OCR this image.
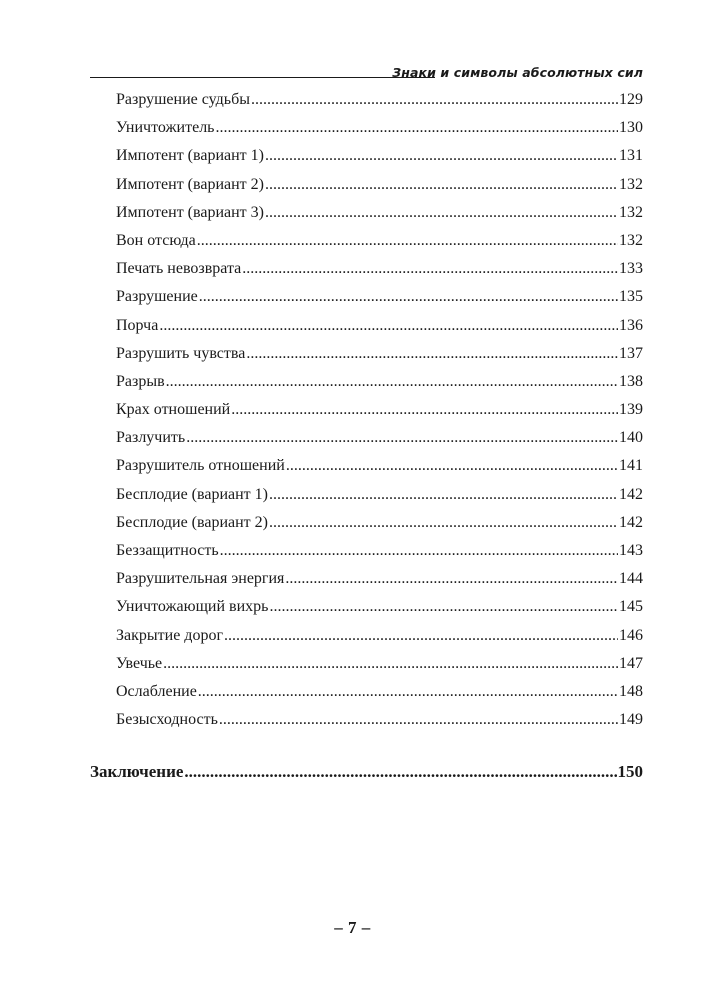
Знаки и символы абсолютных сил
Разрушение судьбы .....	129
Уничтожитель .....	130
Импотент (вариант 1) .....	131
Импотент (вариант 2) .....	132
Импотент (вариант 3) .....	132
Вон отсюда .....	132
Печать невозврата .....	133
Разрушение .....	135
Порча .....	136
Разрушить чувства .....	137
Разрыв .....	138
Крах отношений .....	139
Разлучить .....	140
Разрушитель отношений .....	141
Бесплодие (вариант 1) .....	142
Бесплодие (вариант 2) .....	142
Беззащитность .....	143
Разрушительная энергия .....	144
Уничтожающий вихрь .....	145
Закрытие дорог .....	146
Увечье .....	147
Ослабление .....	148
Безысходность .....	149
Заключение .....	150
– 7 –
